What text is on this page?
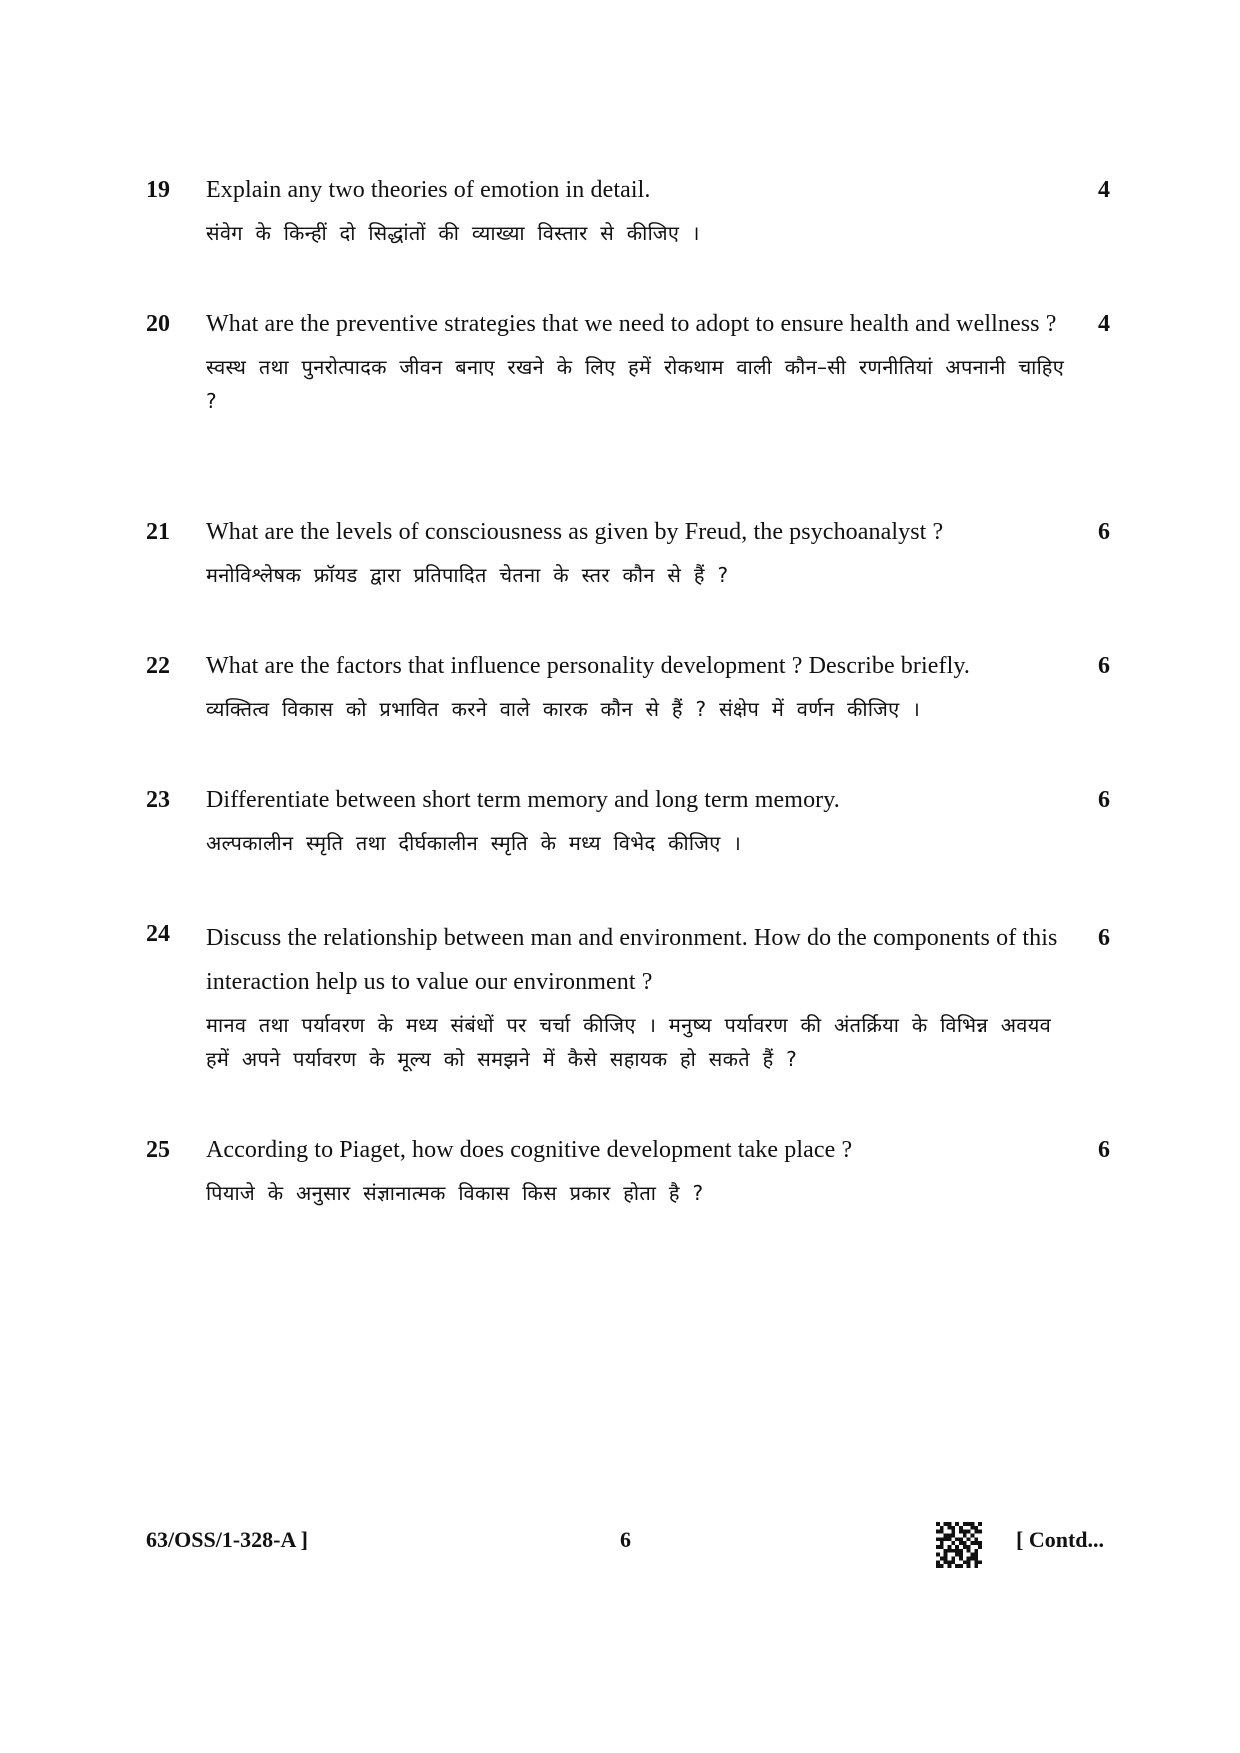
19 Explain any two theories of emotion in detail.

संवेग के किन्हीं दो सिद्धांतों की व्याख्या विस्तार से कीजिए ।

4
20 What are the preventive strategies that we need to adopt to ensure health and wellness ?

स्वस्थ तथा पुनरोत्पादक जीवन बनाए रखने के लिए हमें रोकथाम वाली कौन–सी रणनीतियां अपनानी चाहिए ?

4
21 What are the levels of consciousness as given by Freud, the psychoanalyst ?

मनोविश्लेषक फ्रॉयड द्वारा प्रतिपादित चेतना के स्तर कौन से हैं ?

6
22 What are the factors that influence personality development ? Describe briefly.

व्यक्तित्व विकास को प्रभावित करने वाले कारक कौन से हैं ? संक्षेप में वर्णन कीजिए ।

6
23 Differentiate between short term memory and long term memory.

अल्पकालीन स्मृति तथा दीर्घकालीन स्मृति के मध्य विभेद कीजिए ।

6
24 Discuss the relationship between man and environment. How do the components of this interaction help us to value our environment ?

मानव तथा पर्यावरण के मध्य संबंधों पर चर्चा कीजिए । मनुष्य पर्यावरण की अंतर्क्रिया के विभिन्न अवयव हमें अपने पर्यावरण के मूल्य को समझने में कैसे सहायक हो सकते हैं ?

6
25 According to Piaget, how does cognitive development take place ?

पियाजे के अनुसार संज्ञानात्मक विकास किस प्रकार होता है ?

6
63/OSS/1-328-A ]	6	[ Contd...
